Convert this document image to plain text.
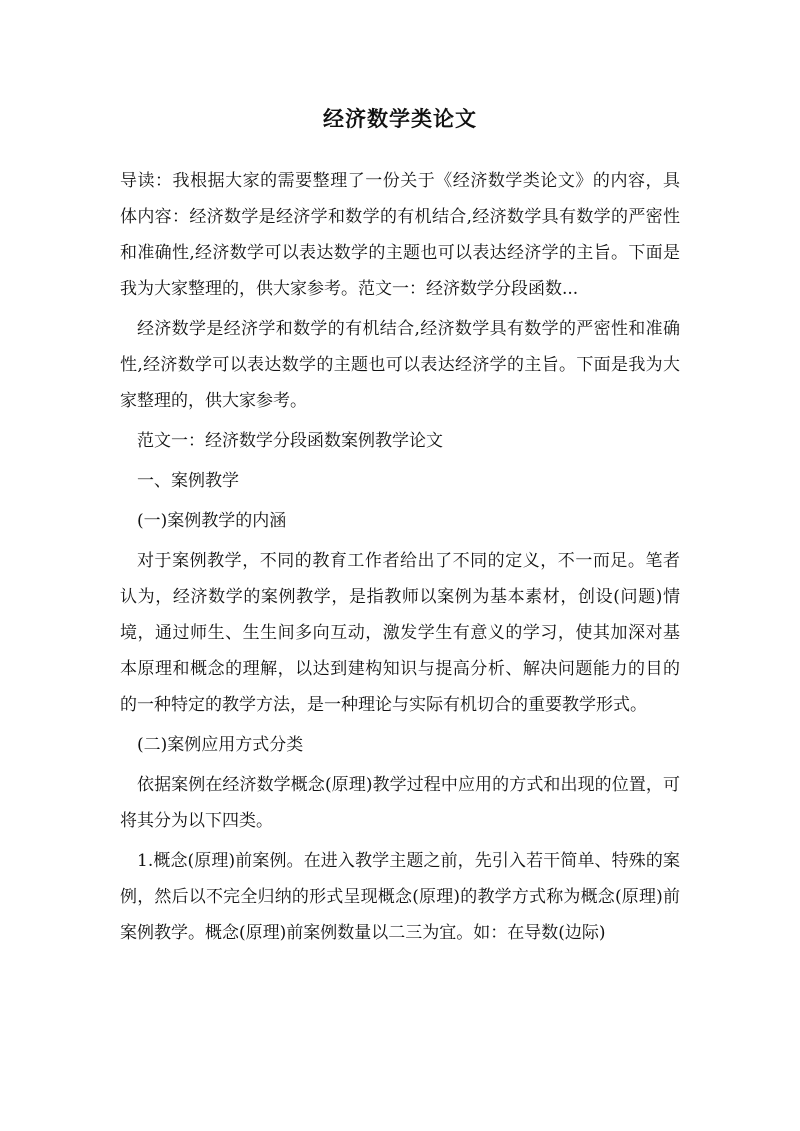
经济数学类论文

导读：我根据大家的需要整理了一份关于《经济数学类论文》的内容，具体内容：经济数学是经济学和数学的有机结合,经济数学具有数学的严密性和准确性,经济数学可以表达数学的主题也可以表达经济学的主旨。下面是我为大家整理的，供大家参考。范文一：经济数学分段函数...

经济数学是经济学和数学的有机结合,经济数学具有数学的严密性和准确性,经济数学可以表达数学的主题也可以表达经济学的主旨。下面是我为大家整理的，供大家参考。

范文一：经济数学分段函数案例教学论文

一、案例教学

(一)案例教学的内涵

对于案例教学，不同的教育工作者给出了不同的定义，不一而足。笔者认为，经济数学的案例教学，是指教师以案例为基本素材，创设(问题)情境，通过师生、生生间多向互动，激发学生有意义的学习，使其加深对基本原理和概念的理解，以达到建构知识与提高分析、解决问题能力的目的的一种特定的教学方法，是一种理论与实际有机切合的重要教学形式。

(二)案例应用方式分类

依据案例在经济数学概念(原理)教学过程中应用的方式和出现的位置，可将其分为以下四类。

1.概念(原理)前案例。在进入教学主题之前，先引入若干简单、特殊的案例，然后以不完全归纳的形式呈现概念(原理)的教学方式称为概念(原理)前案例教学。概念(原理)前案例数量以二三为宜。如：在导数(边际)
